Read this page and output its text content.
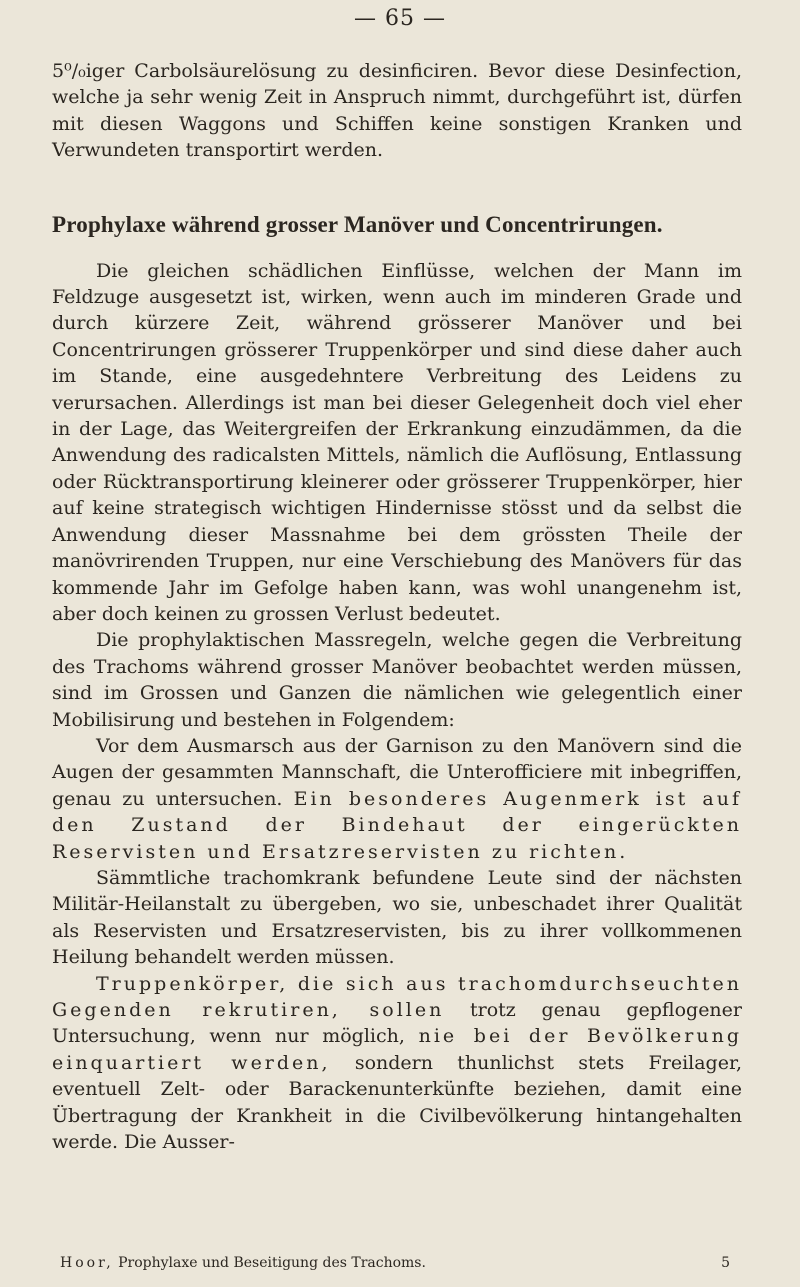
— 65 —

5⁰/₀iger Carbolsäurelösung zu desinficiren. Bevor diese Desinfection, welche ja sehr wenig Zeit in Anspruch nimmt, durchgeführt ist, dürfen mit diesen Waggons und Schiffen keine sonstigen Kranken und Verwundeten transportirt werden.

Prophylaxe während grosser Manöver und Concentrirungen.

Die gleichen schädlichen Einflüsse, welchen der Mann im Feldzuge ausgesetzt ist, wirken, wenn auch im minderen Grade und durch kürzere Zeit, während grösserer Manöver und bei Concentrirungen grösserer Truppenkörper und sind diese daher auch im Stande, eine ausgedehntere Verbreitung des Leidens zu verursachen. Allerdings ist man bei dieser Gelegenheit doch viel eher in der Lage, das Weitergreifen der Erkrankung einzudämmen, da die Anwendung des radicalsten Mittels, nämlich die Auflösung, Entlassung oder Rücktransportirung kleinerer oder grösserer Truppenkörper, hier auf keine strategisch wichtigen Hindernisse stösst und da selbst die Anwendung dieser Massnahme bei dem grössten Theile der manövrirenden Truppen, nur eine Verschiebung des Manövers für das kommende Jahr im Gefolge haben kann, was wohl unangenehm ist, aber doch keinen zu grossen Verlust bedeutet.

Die prophylaktischen Massregeln, welche gegen die Verbreitung des Trachoms während grosser Manöver beobachtet werden müssen, sind im Grossen und Ganzen die nämlichen wie gelegentlich einer Mobilisirung und bestehen in Folgendem:

Vor dem Ausmarsch aus der Garnison zu den Manövern sind die Augen der gesammten Mannschaft, die Unterofficiere mit inbegriffen, genau zu untersuchen. Ein besonderes Augenmerk ist auf den Zustand der Bindehaut der eingerückten Reservisten und Ersatzreservisten zu richten.

Sämmtliche trachomkrank befundene Leute sind der nächsten Militär-Heilanstalt zu übergeben, wo sie, unbeschadet ihrer Qualität als Reservisten und Ersatzreservisten, bis zu ihrer vollkommenen Heilung behandelt werden müssen.

Truppenkörper, die sich aus trachomdurchseuchten Gegenden rekrutiren, sollen trotz genau gepflogener Untersuchung, wenn nur möglich, nie bei der Bevölkerung einquartiert werden, sondern thunlichst stets Freilager, eventuell Zelt- oder Barackenunterkünfte beziehen, damit eine Übertragung der Krankheit in die Civilbevölkerung hintangehalten werde. Die Ausser-

Hoor, Prophylaxe und Beseitigung des Trachoms.	5
